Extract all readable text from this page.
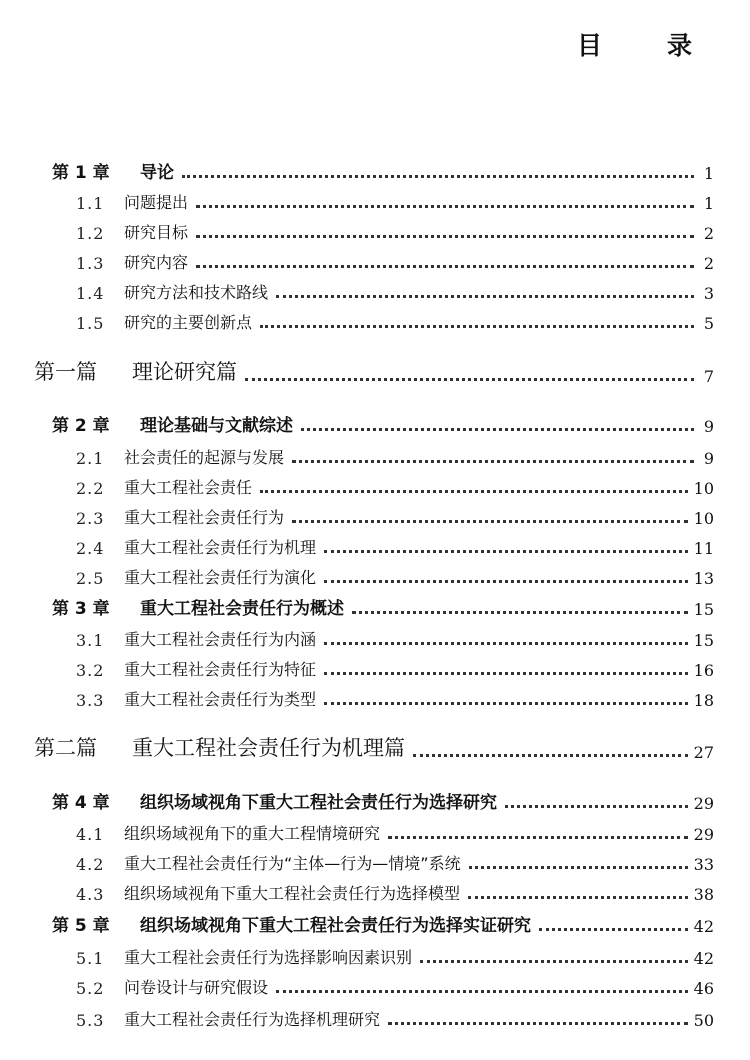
目　录
第 1 章	导论	1
1.1	问题提出	1
1.2	研究目标	2
1.3	研究内容	2
1.4	研究方法和技术路线	3
1.5	研究的主要创新点	5
第一篇	理论研究篇	7
第 2 章	理论基础与文献综述	9
2.1	社会责任的起源与发展	9
2.2	重大工程社会责任	10
2.3	重大工程社会责任行为	10
2.4	重大工程社会责任行为机理	11
2.5	重大工程社会责任行为演化	13
第 3 章	重大工程社会责任行为概述	15
3.1	重大工程社会责任行为内涵	15
3.2	重大工程社会责任行为特征	16
3.3	重大工程社会责任行为类型	18
第二篇	重大工程社会责任行为机理篇	27
第 4 章	组织场域视角下重大工程社会责任行为选择研究	29
4.1	组织场域视角下的重大工程情境研究	29
4.2	重大工程社会责任行为“主体—行为—情境”系统	33
4.3	组织场域视角下重大工程社会责任行为选择模型	38
第 5 章	组织场域视角下重大工程社会责任行为选择实证研究	42
5.1	重大工程社会责任行为选择影响因素识别	42
5.2	问卷设计与研究假设	46
5.3	重大工程社会责任行为选择机理研究	50
